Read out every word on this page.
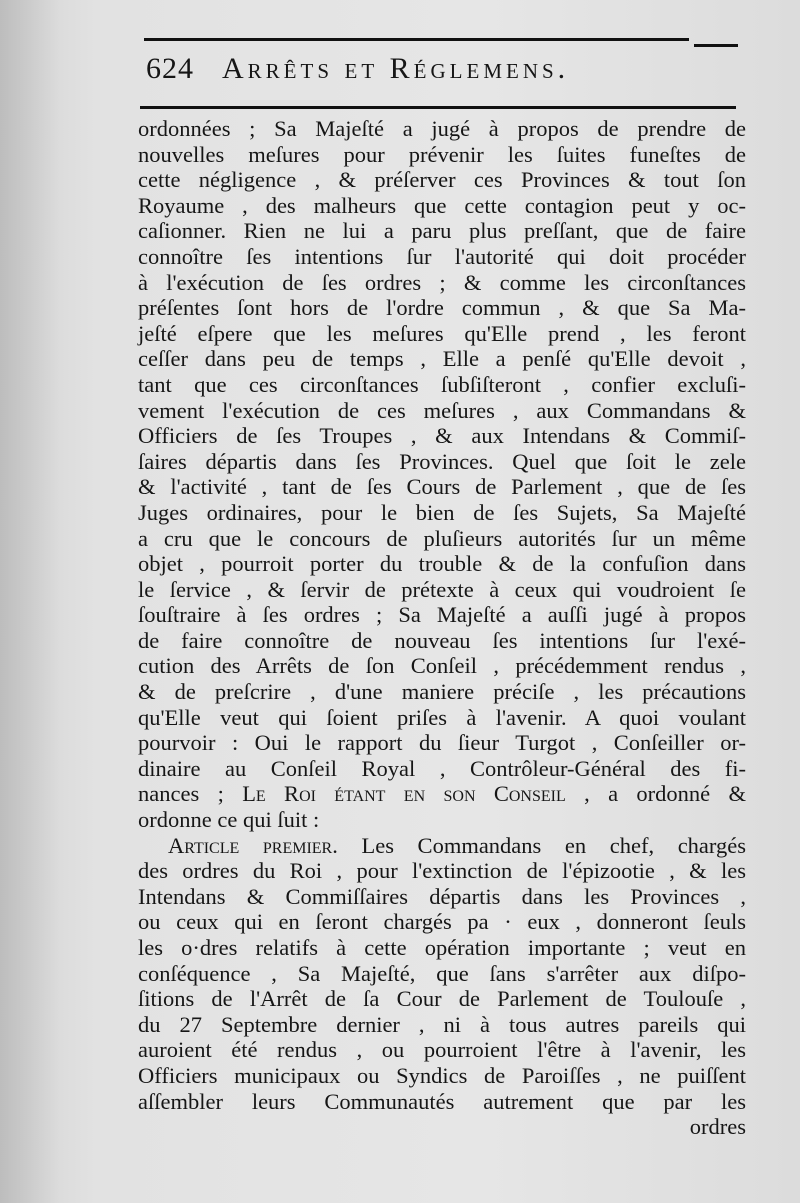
624 Arrêts et Réglemens.
ordonnées ; Sa Majeſté a jugé à propos de prendre de
nouvelles meſures pour prévenir les ſuites funeſtes de
cette négligence , & préſerver ces Provinces & tout ſon
Royaume , des malheurs que cette contagion peut y oc-
caſionner. Rien ne lui a paru plus preſſant, que de faire
connoître ſes intentions ſur l'autorité qui doit procéder
à l'exécution de ſes ordres ; & comme les circonſtances
préſentes ſont hors de l'ordre commun , & que Sa Ma-
jeſté eſpere que les meſures qu'Elle prend , les feront
ceſſer dans peu de temps , Elle a penſé qu'Elle devoit ,
tant que ces circonſtances ſubſiſteront , confier excluſi-
vement l'exécution de ces meſures , aux Commandans &
Officiers de ſes Troupes , & aux Intendans & Commiſ-
ſaires départis dans ſes Provinces. Quel que ſoit le zele
& l'activité , tant de ſes Cours de Parlement , que de ſes
Juges ordinaires, pour le bien de ſes Sujets, Sa Majeſté
a cru que le concours de pluſieurs autorités ſur un même
objet , pourroit porter du trouble & de la confuſion dans
le ſervice , & ſervir de prétexte à ceux qui voudroient ſe
ſouſtraire à ſes ordres ; Sa Majeſté a auſſi jugé à propos
de faire connoître de nouveau ſes intentions ſur l'exé-
cution des Arrêts de ſon Conſeil , précédemment rendus ,
& de preſcrire , d'une maniere préciſe , les précautions
qu'Elle veut qui ſoient priſes à l'avenir. A quoi voulant
pourvoir : Oui le rapport du ſieur Turgot , Conſeiller or-
dinaire au Conſeil Royal , Contrôleur-Général des fi-
nances ; Le Roi étant en son Conseil , a ordonné &
ordonne ce qui ſuit :
Article premier. Les Commandans en chef, chargés
des ordres du Roi , pour l'extinction de l'épizootie , & les
Intendans & Commiſſaires départis dans les Provinces ,
ou ceux qui en ſeront chargés pa · eux , donneront ſeuls
les o·dres relatifs à cette opération importante ; veut en
conſéquence , Sa Majeſté, que ſans s'arrêter aux diſpo-
ſitions de l'Arrêt de ſa Cour de Parlement de Toulouſe ,
du 27 Septembre dernier , ni à tous autres pareils qui
auroient été rendus , ou pourroient l'être à l'avenir, les
Officiers municipaux ou Syndics de Paroiſſes , ne puiſſent
aſſembler leurs Communautés autrement que par les
ordres
